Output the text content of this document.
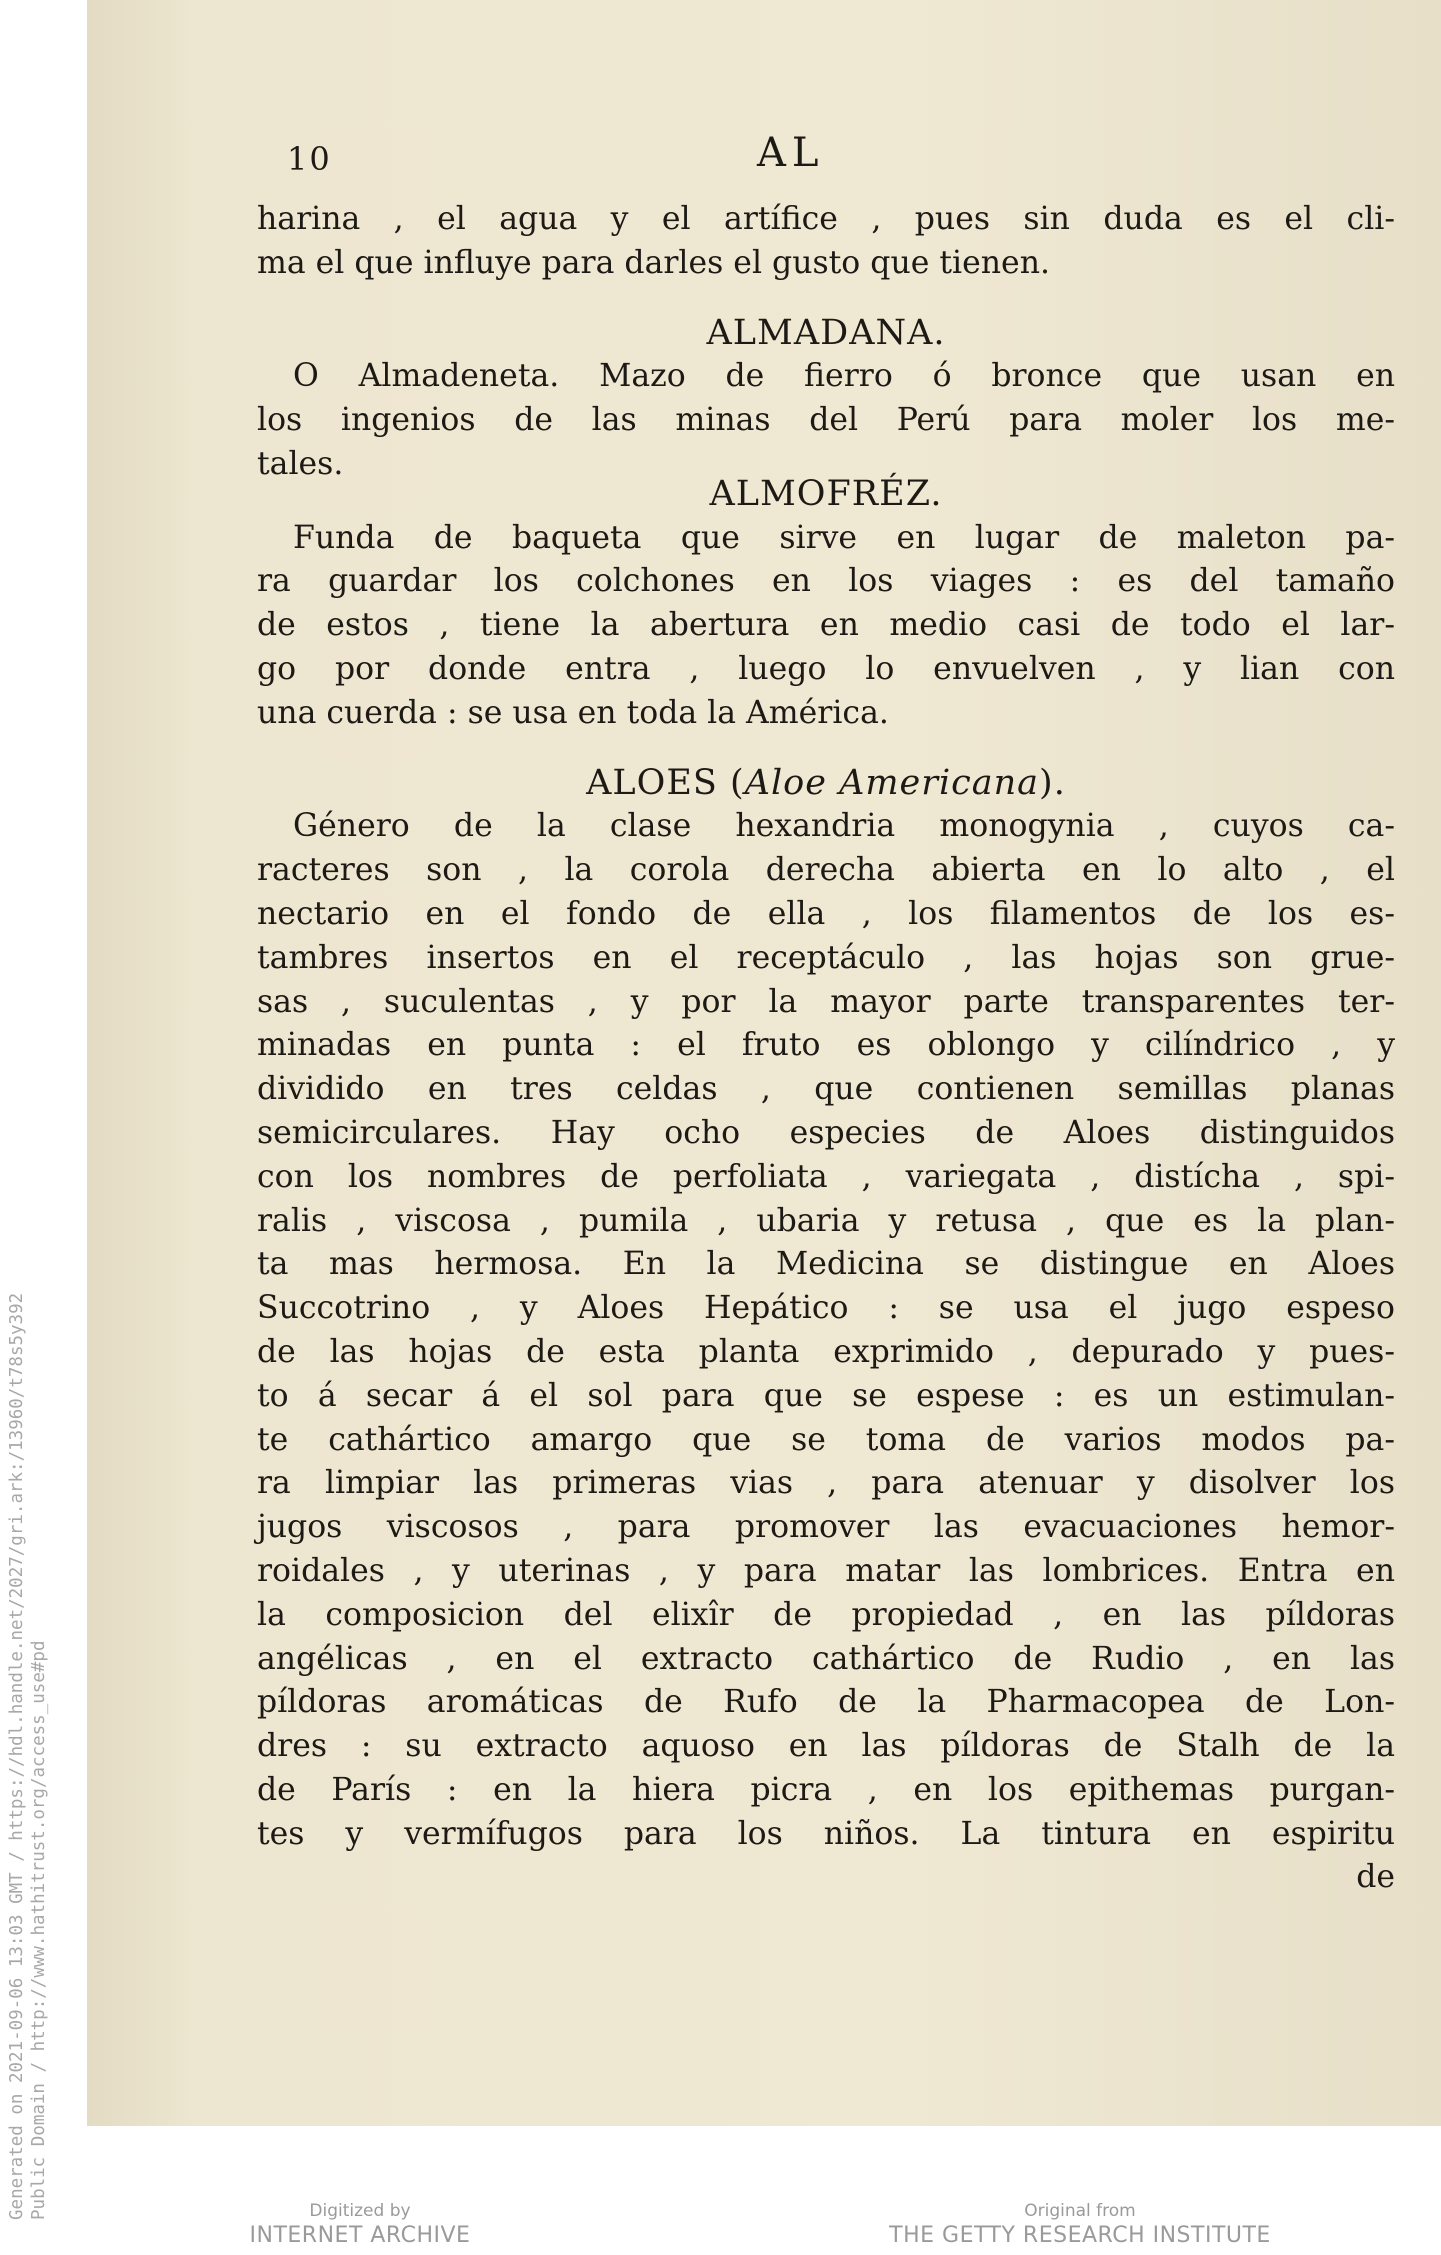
10	AL
harina , el agua y el artífice , pues sin duda es el cli-
ma el que influye para darles el gusto que tienen.
ALMADANA.
O Almadeneta. Mazo de fierro ó bronce que usan en
los ingenios de las minas del Perú para moler los me-
tales.
ALMOFRÉZ.
Funda de baqueta que sirve en lugar de maleton pa-
ra guardar los colchones en los viages : es del tamaño
de estos , tiene la abertura en medio casi de todo el lar-
go por donde entra , luego lo envuelven , y lian con
una cuerda : se usa en toda la América.
ALOES (Aloe Americana).
Género de la clase hexandria monogynia , cuyos ca-
racteres son , la corola derecha abierta en lo alto , el
nectario en el fondo de ella , los filamentos de los es-
tambres insertos en el receptáculo , las hojas son grue-
sas , suculentas , y por la mayor parte transparentes ter-
minadas en punta : el fruto es oblongo y cilíndrico , y
dividido en tres celdas , que contienen semillas planas
semicirculares. Hay ocho especies de Aloes distinguidos
con los nombres de perfoliata , variegata , distícha , spi-
ralis , viscosa , pumila , ubaria y retusa , que es la plan-
ta mas hermosa. En la Medicina se distingue en Aloes
Succotrino , y Aloes Hepático : se usa el jugo espeso
de las hojas de esta planta exprimido , depurado y pues-
to á secar á el sol para que se espese : es un estimulan-
te cathártico amargo que se toma de varios modos pa-
ra limpiar las primeras vias , para atenuar y disolver los
jugos viscosos , para promover las evacuaciones hemor-
roidales , y uterinas , y para matar las lombrices. Entra en
la composicion del elixîr de propiedad , en las píldoras
angélicas , en el extracto cathártico de Rudio , en las
píldoras aromáticas de Rufo de la Pharmacopea de Lon-
dres : su extracto aquoso en las píldoras de Stalh de la
de París : en la hiera picra , en los epithemas purgan-
tes y vermífugos para los niños. La tintura en espiritu
de
Generated on 2021-09-06 13:03 GMT / https://hdl.handle.net/2027/gri.ark:/13960/t78s5y392 Public Domain / http://www.hathitrust.org/access_use#pd	Digitized by
INTERNET ARCHIVE
Original from
THE GETTY RESEARCH INSTITUTE
